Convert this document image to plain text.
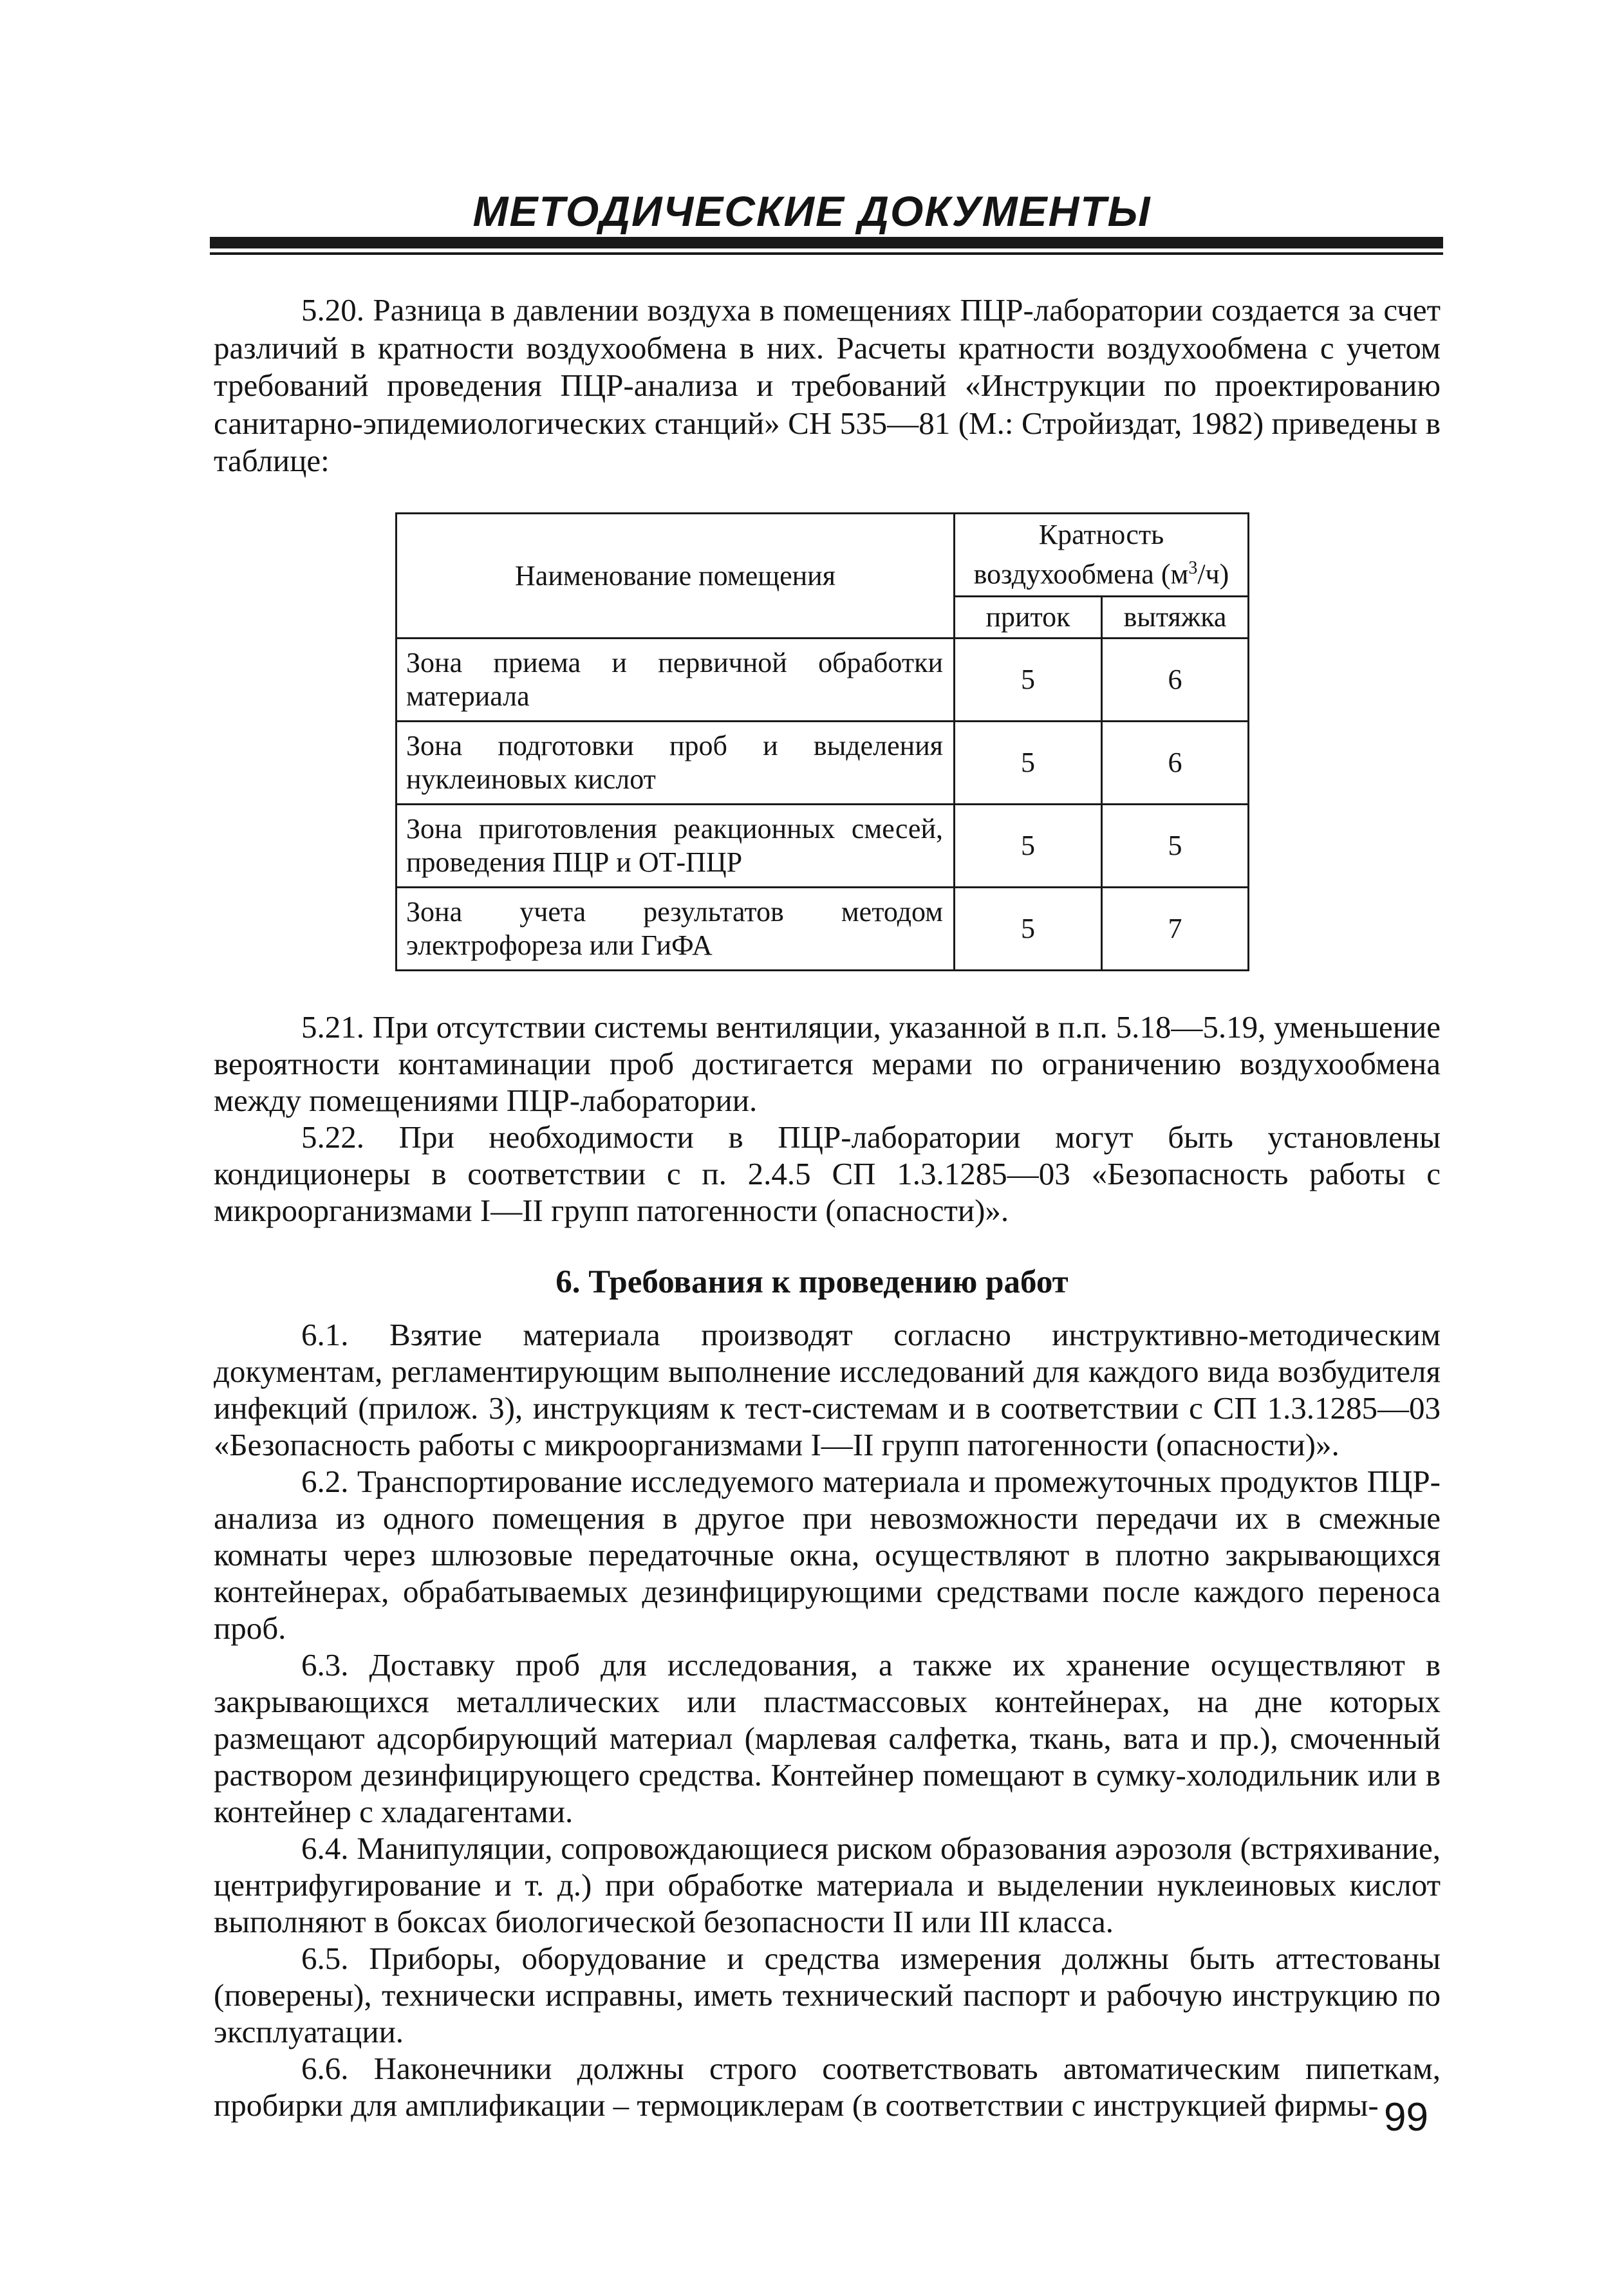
МЕТОДИЧЕСКИЕ ДОКУМЕНТЫ

5.20. Разница в давлении воздуха в помещениях ПЦР-лаборатории создается за счет различий в кратности воздухообмена в них. Расчеты кратности воздухообмена с учетом требований проведения ПЦР-анализа и требований «Инструкции по проектированию санитарно-эпидемиологических станций» СН 535—81 (М.: Стройиздат, 1982) приведены в таблице:

Наименование помещения	Кратность воздухообмена $(м^3/ч)$	
	приток	вытяжка
Зона приема и первичной обработки материала	5	6
Зона подготовки проб и выделения нуклеиновых кислот	5	6
Зона приготовления реакционных смесей, проведения ПЦР и ОТ-ПЦР	5	5
Зона учета результатов методом электрофореза или ГиФА	5	7

5.21. При отсутствии системы вентиляции, указанной в п.п. 5.18—5.19, уменьшение вероятности контаминации проб достигается мерами по ограничению воздухообмена между помещениями ПЦР-лаборатории.

5.22. При необходимости в ПЦР-лаборатории могут быть установлены кондиционеры в соответствии с п. 2.4.5 СП 1.3.1285—03 «Безопасность работы с микроорганизмами I—II групп патогенности (опасности)».

6. Требования к проведению работ

6.1. Взятие материала производят согласно инструктивно-методическим документам, регламентирующим выполнение исследований для каждого вида возбудителя инфекций (прилож. 3), инструкциям к тест-системам и в соответствии с СП 1.3.1285—03 «Безопасность работы с микроорганизмами I—II групп патогенности (опасности)».

6.2. Транспортирование исследуемого материала и промежуточных продуктов ПЦР-анализа из одного помещения в другое при невозможности передачи их в смежные комнаты через шлюзовые передаточные окна, осуществляют в плотно закрывающихся контейнерах, обрабатываемых дезинфицирующими средствами после каждого переноса проб.

6.3. Доставку проб для исследования, а также их хранение осуществляют в закрывающихся металлических или пластмассовых контейнерах, на дне которых размещают адсорбирующий материал (марлевая салфетка, ткань, вата и пр.), смоченный раствором дезинфицирующего средства. Контейнер помещают в сумку-холодильник или в контейнер с хладагентами.

6.4. Манипуляции, сопровождающиеся риском образования аэрозоля (встряхивание, центрифугирование и т. д.) при обработке материала и выделении нуклеиновых кислот выполняют в боксах биологической безопасности II или III класса.

6.5. Приборы, оборудование и средства измерения должны быть аттестованы (поверены), технически исправны, иметь технический паспорт и рабочую инструкцию по эксплуатации.

6.6. Наконечники должны строго соответствовать автоматическим пипеткам, пробирки для амплификации – термоциклерам (в соответствии с инструкцией фирмы- 99
